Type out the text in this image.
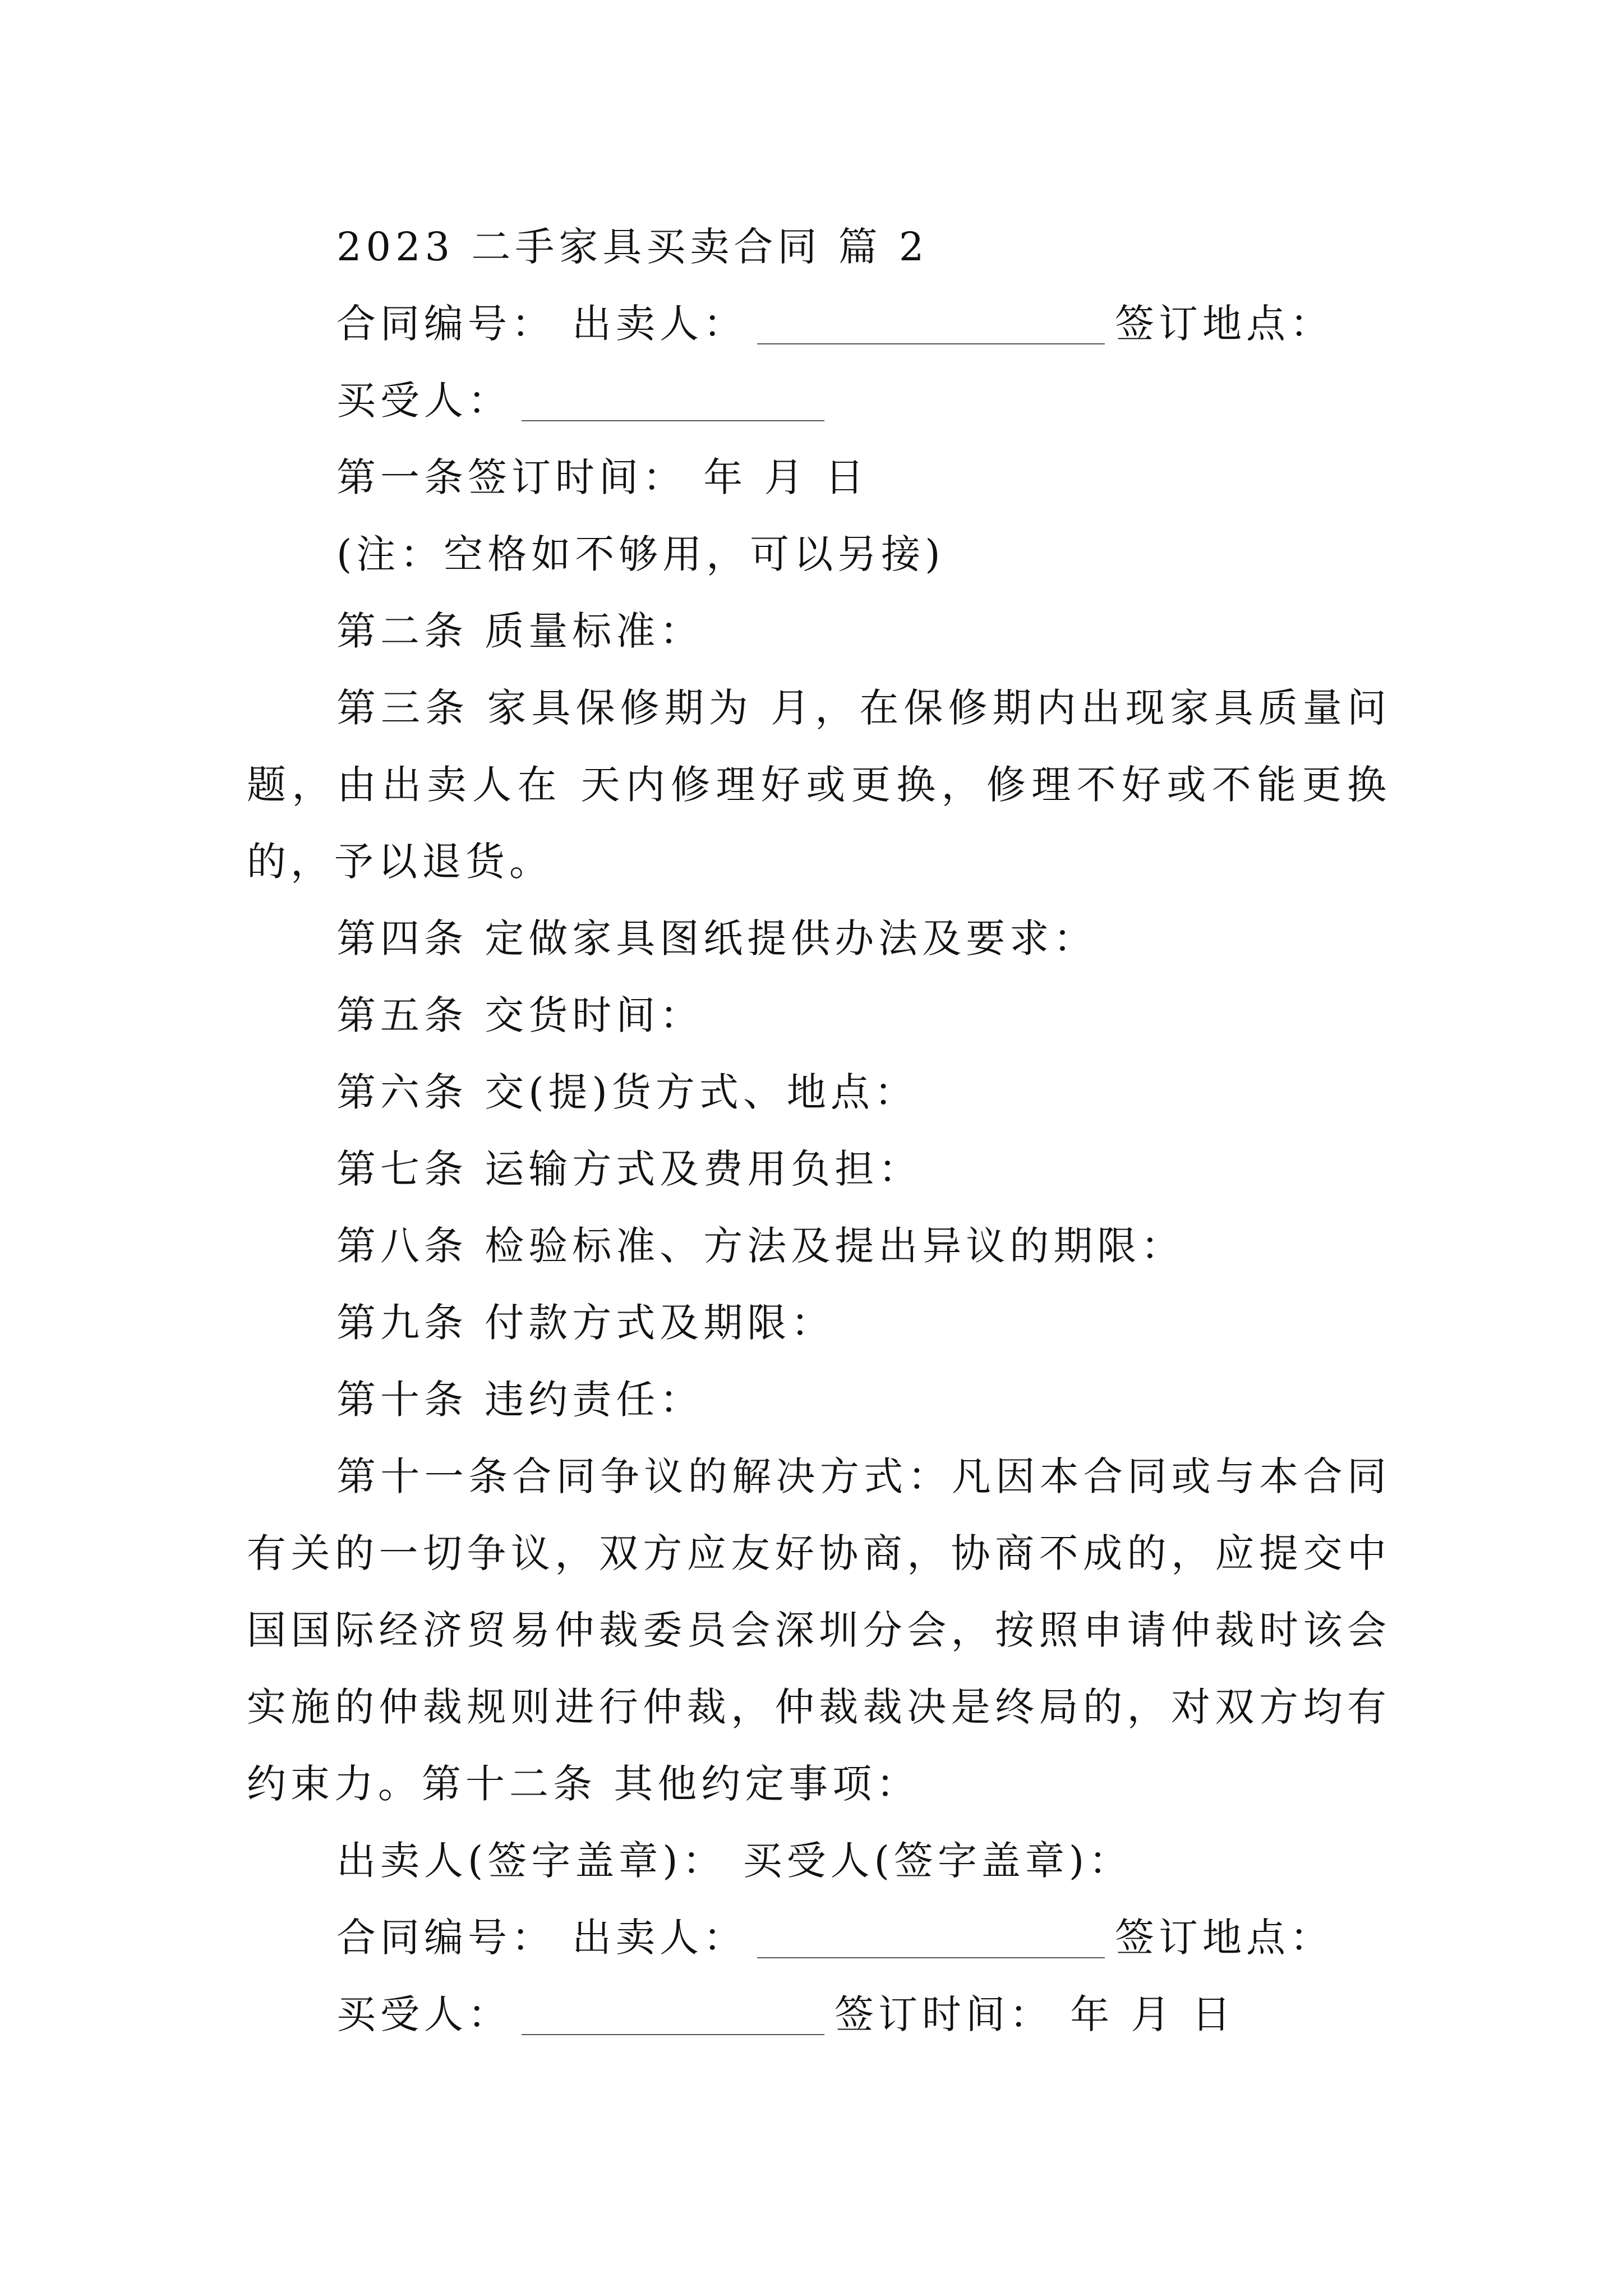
2023 二手家具买卖合同 篇 2
合同编号： 出卖人：	签订地点：
买受人：
第一条签订时间： 年 月 日
(注：空格如不够用，可以另接)
第二条 质量标准：

第三条 家具保修期为 月，在保修期内出现家具质量问题，由出卖人在 天内修理好或更换，修理不好或不能更换的，予以退货。

第四条 定做家具图纸提供办法及要求：
第五条 交货时间：
第六条 交(提)货方式、地点：
第七条 运输方式及费用负担：
第八条 检验标准、方法及提出异议的期限：
第九条 付款方式及期限：
第十条 违约责任：

第十一条合同争议的解决方式：凡因本合同或与本合同有关的一切争议，双方应友好协商，协商不成的，应提交中国国际经济贸易仲裁委员会深圳分会，按照申请仲裁时该会实施的仲裁规则进行仲裁，仲裁裁决是终局的，对双方均有约束力。第十二条 其他约定事项：

出卖人(签字盖章)： 买受人(签字盖章)：
合同编号： 出卖人：	签订地点：
买受人：	签订时间： 年 月 日
